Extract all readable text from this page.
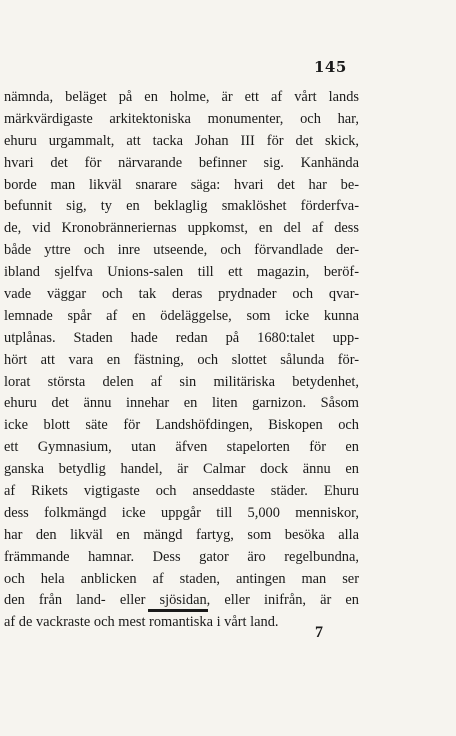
145
nämnda, beläget på en holme, är ett af vårt lands
märkvärdigaste arkitektoniska monumenter, och har,
ehuru urgammalt, att tacka Johan III för det skick,
hvari det för närvarande befinner sig. Kanhända
borde man likväl snarare säga: hvari det har be-
befunnit sig, ty en beklaglig smaklöshet förderfva-
de, vid Kronobränneriernas uppkomst, en del af dess
både yttre och inre utseende, och förvandlade der-
ibland sjelfva Unions-salen till ett magazin, beröf-
vade väggar och tak deras prydnader och qvar-
lemnade spår af en ödeläggelse, som icke kunna
utplånas. Staden hade redan på 1680:talet upp-
hört att vara en fästning, och slottet sålunda för-
lorat största delen af sin militäriska betydenhet,
ehuru det ännu innehar en liten garnizon. Såsom
icke blott säte för Landshöfdingen, Biskopen och
ett Gymnasium, utan äfven stapelorten för en
ganska betydlig handel, är Calmar dock ännu en
af Rikets vigtigaste och anseddaste städer. Ehuru
dess folkmängd icke uppgår till 5,000 menniskor,
har den likväl en mängd fartyg, som besöka alla
främmande hamnar. Dess gator äro regelbundna,
och hela anblicken af staden, antingen man ser
den från land- eller sjösidan, eller inifrån, är en
af de vackraste och mest romantiska i vårt land.
7
